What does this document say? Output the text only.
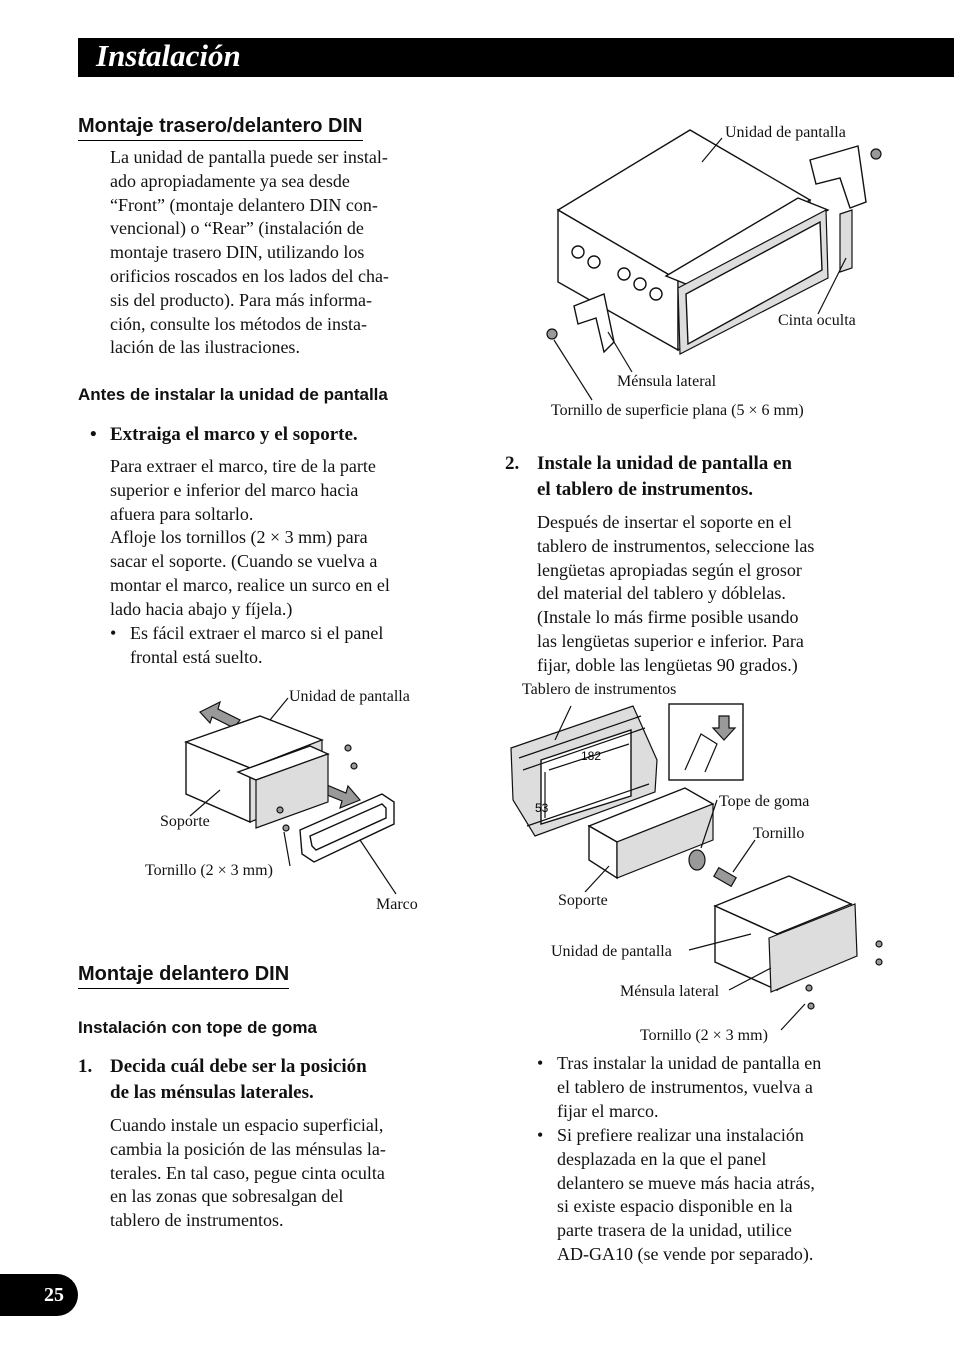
Instalación
Montaje trasero/delantero DIN
La unidad de pantalla puede ser instal-
ado apropiadamente ya sea desde
“Front” (montaje delantero DIN con-
vencional) o “Rear” (instalación de
montaje trasero DIN, utilizando los
orificios roscados en los lados del cha-
sis del producto). Para más informa-
ción, consulte los métodos de insta-
lación de las ilustraciones.
Antes de instalar la unidad de pantalla
• Extraiga el marco y el soporte.
Para extraer el marco, tire de la parte
superior e inferior del marco hacia
afuera para soltarlo.
Afloje los tornillos (2 × 3 mm) para
sacar el soporte. (Cuando se vuelva a
montar el marco, realice un surco en el
lado hacia abajo y fíjela.)
• Es fácil extraer el marco si el panel
frontal está suelto.
Unidad de pantalla
Soporte
Tornillo (2 × 3 mm)
Marco
Montaje delantero DIN
Instalación con tope de goma
1. Decida cuál debe ser la posición
de las ménsulas laterales.
Cuando instale un espacio superficial,
cambia la posición de las ménsulas la-
terales. En tal caso, pegue cinta oculta
en las zonas que sobresalgan del
tablero de instrumentos.
Unidad de pantalla
Cinta oculta
Ménsula lateral
Tornillo de superficie plana (5 × 6 mm)
2. Instale la unidad de pantalla en
el tablero de instrumentos.
Después de insertar el soporte en el
tablero de instrumentos, seleccione las
lengüetas apropiadas según el grosor
del material del tablero y dóblelas.
(Instale lo más firme posible usando
las lengüetas superior e inferior. Para
fijar, doble las lengüetas 90 grados.)
182
53
Tablero de instrumentos
Tope de goma
Tornillo
Soporte
Unidad de pantalla
Ménsula lateral
Tornillo (2 × 3 mm)
• Tras instalar la unidad de pantalla en
el tablero de instrumentos, vuelva a
fijar el marco.
• Si prefiere realizar una instalación
desplazada en la que el panel
delantero se mueve más hacia atrás,
si existe espacio disponible en la
parte trasera de la unidad, utilice
AD-GA10 (se vende por separado).
25
